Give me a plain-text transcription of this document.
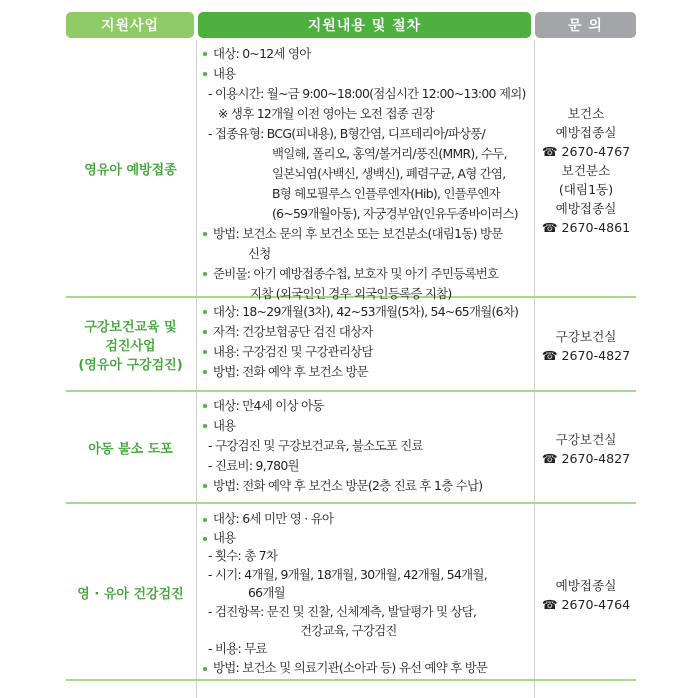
지원사업	지원내용 및 절차	문 의
영유아 예방접종
대상: 0~12세 영아
내용
- 이용시간: 월~금 9:00~18:00(점심시간 12:00~13:00 제외)
※ 생후 12개월 이전 영아는 오전 접종 권장
- 접종유형: BCG(피내용), B형간염, 디프테리아/파상풍/
백일해, 폴리오, 홍역/볼거리/풍진(MMR), 수두,
일본뇌염(사백신, 생백신), 폐렴구균, A형 간염,
B형 헤모필루스 인플루엔자(Hib), 인플루엔자
(6~59개월아동), 자궁경부암(인유두종바이러스)
방법: 보건소 문의 후 보건소 또는 보건분소(대림1동) 방문
신청
준비물: 아기 예방접종수첩, 보호자 및 아기 주민등록번호
지참 (외국인인 경우 외국인등록증 지참)
보건소
예방접종실
☎ 2670-4767
보건분소
(대림1동)
예방접종실
☎ 2670-4861
구강보건교육 및
검진사업
(영유아 구강검진)
대상: 18~29개월(3차), 42~53개월(5차), 54~65개월(6차)
자격: 건강보험공단 검진 대상자
내용: 구강검진 및 구강관리상담
방법: 전화 예약 후 보건소 방문
구강보건실
☎ 2670-4827
아동 불소 도포
대상: 만4세 이상 아동
내용
- 구강검진 및 구강보건교육, 불소도포 진료
- 진료비: 9,780원
방법: 전화 예약 후 보건소 방문(2층 진료 후 1층 수납)
구강보건실
☎ 2670-4827
영 · 유아 건강검진
대상: 6세 미만 영 · 유아
내용
- 횟수: 총 7차
- 시기: 4개월, 9개월, 18개월, 30개월, 42개월, 54개월,
66개월
- 검진항목: 문진 및 진찰, 신체계측, 발달평가 및 상담,
건강교육, 구강검진
- 비용: 무료
방법: 보건소 및 의료기관(소아과 등) 유선 예약 후 방문
예방접종실
☎ 2670-4764
